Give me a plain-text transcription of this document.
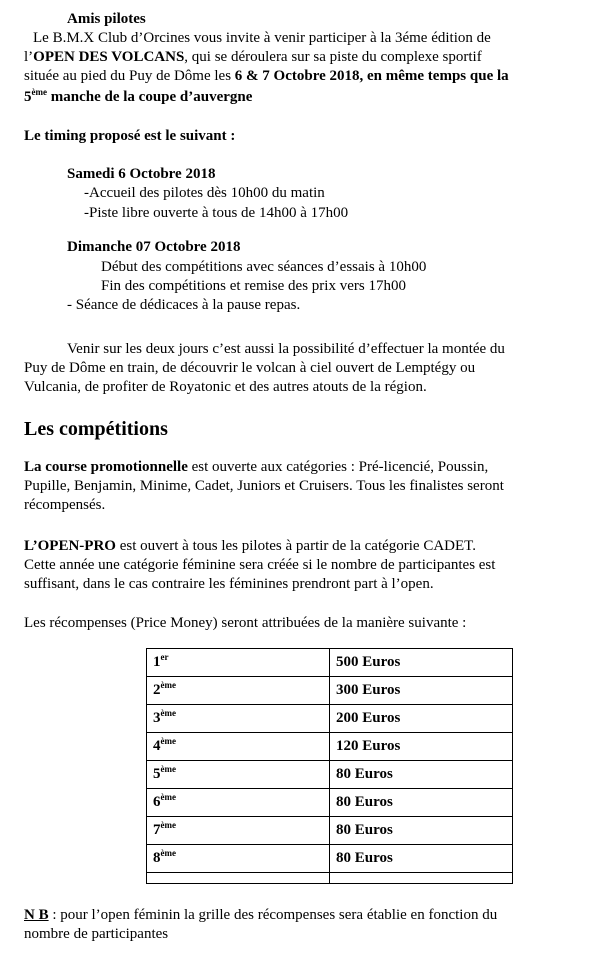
Amis pilotes
Le B.M.X Club d’Orcines vous invite à venir participer à la 3éme édition de
l’OPEN DES VOLCANS, qui se déroulera sur sa piste du complexe sportif
située au pied du Puy de Dôme les 6 & 7 Octobre 2018, en même temps que la
5ème manche de la coupe d’auvergne
Le timing proposé est le suivant :
Samedi 6 Octobre 2018
-Accueil des pilotes dès 10h00 du matin
-Piste libre ouverte à tous de 14h00 à 17h00
Dimanche 07 Octobre 2018
Début des compétitions avec séances d’essais à 10h00
Fin des compétitions et remise des prix vers 17h00
- Séance de dédicaces à la pause repas.
Venir sur les deux jours c’est aussi la possibilité d’effectuer la montée du
Puy de Dôme en train, de découvrir le volcan à ciel ouvert de Lemptégy ou
Vulcania, de profiter de Royatonic et des autres atouts de la région.
Les compétitions
La course promotionnelle est ouverte aux catégories : Pré-licencié, Poussin,
Pupille, Benjamin, Minime, Cadet, Juniors et Cruisers. Tous les finalistes seront
récompensés.
L’OPEN-PRO est ouvert à tous les pilotes à partir de la catégorie CADET.
Cette année une catégorie féminine sera créée si le nombre de participantes est
suffisant, dans le cas contraire les féminines prendront part à l’open.
Les récompenses (Price Money) seront attribuées de la manière suivante :
1er	500 Euros
2ème	300 Euros
3ème	200 Euros
4ème	120 Euros
5ème	80 Euros
6ème	80 Euros
7ème	80 Euros
8ème	80 Euros

N B : pour l’open féminin la grille des récompenses sera établie en fonction du
nombre de participantes
